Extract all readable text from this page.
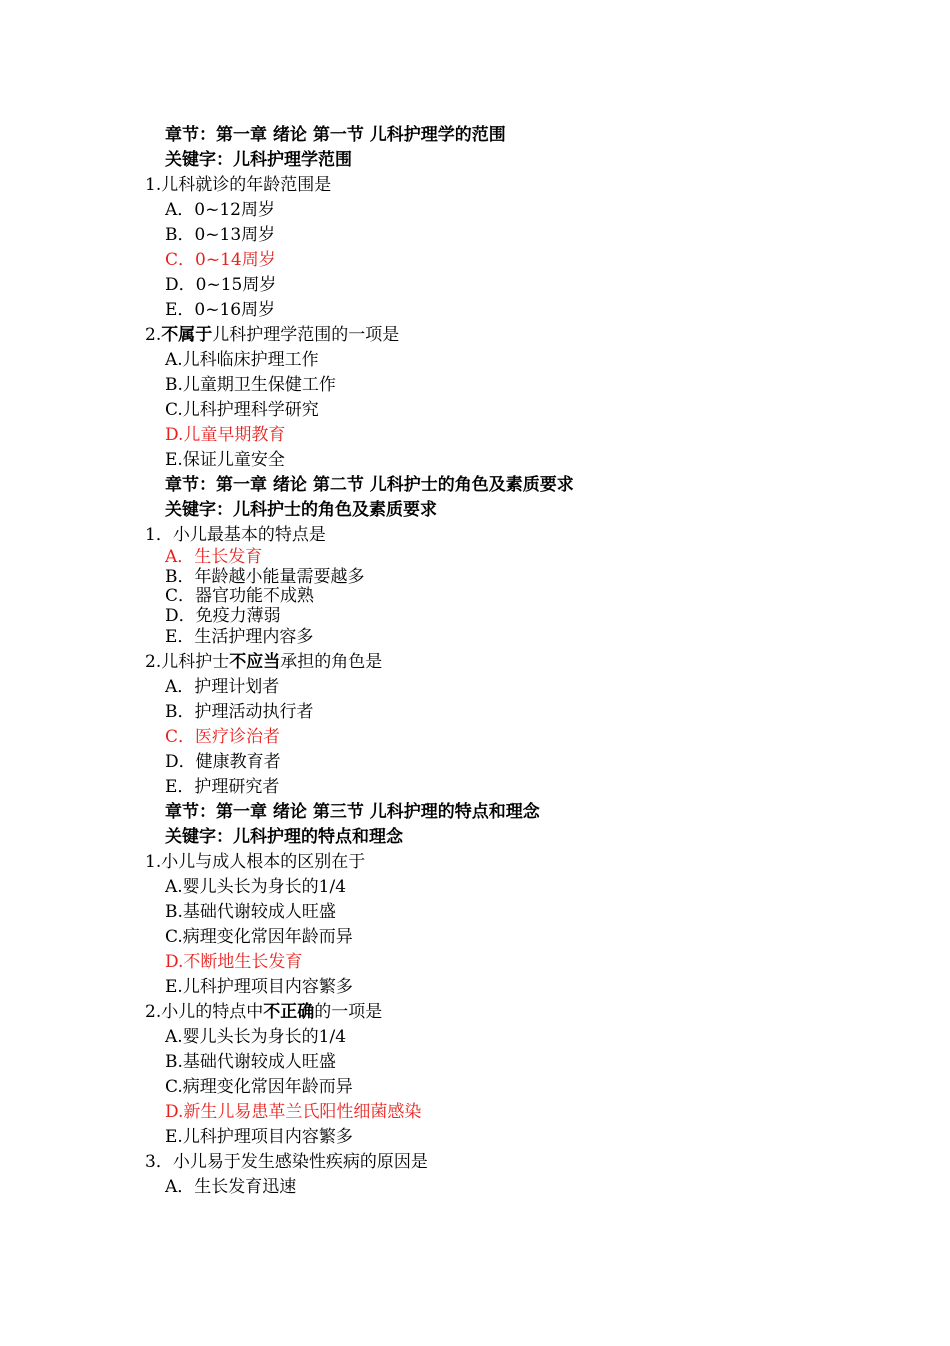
章节：第一章 绪论 第一节 儿科护理学的范围
关键字：儿科护理学范围
1.儿科就诊的年龄范围是
A．0~12周岁
B．0~13周岁
C．0~14周岁
D．0~15周岁
E．0~16周岁
2.不属于儿科护理学范围的一项是
A.儿科临床护理工作
B.儿童期卫生保健工作
C.儿科护理科学研究
D.儿童早期教育
E.保证儿童安全
章节：第一章 绪论 第二节 儿科护士的角色及素质要求
关键字：儿科护士的角色及素质要求
1．小儿最基本的特点是
A．生长发育
B．年龄越小能量需要越多
C．器官功能不成熟
D．免疫力薄弱
E．生活护理内容多
2.儿科护士不应当承担的角色是
A．护理计划者
B．护理活动执行者
C．医疗诊治者
D．健康教育者
E．护理研究者
章节：第一章 绪论 第三节 儿科护理的特点和理念
关键字：儿科护理的特点和理念
1.小儿与成人根本的区别在于
A.婴儿头长为身长的1/4
B.基础代谢较成人旺盛
C.病理变化常因年龄而异
D.不断地生长发育
E.儿科护理项目内容繁多
2.小儿的特点中不正确的一项是
A.婴儿头长为身长的1/4
B.基础代谢较成人旺盛
C.病理变化常因年龄而异
D.新生儿易患革兰氏阳性细菌感染
E.儿科护理项目内容繁多
3．小儿易于发生感染性疾病的原因是
A．生长发育迅速
